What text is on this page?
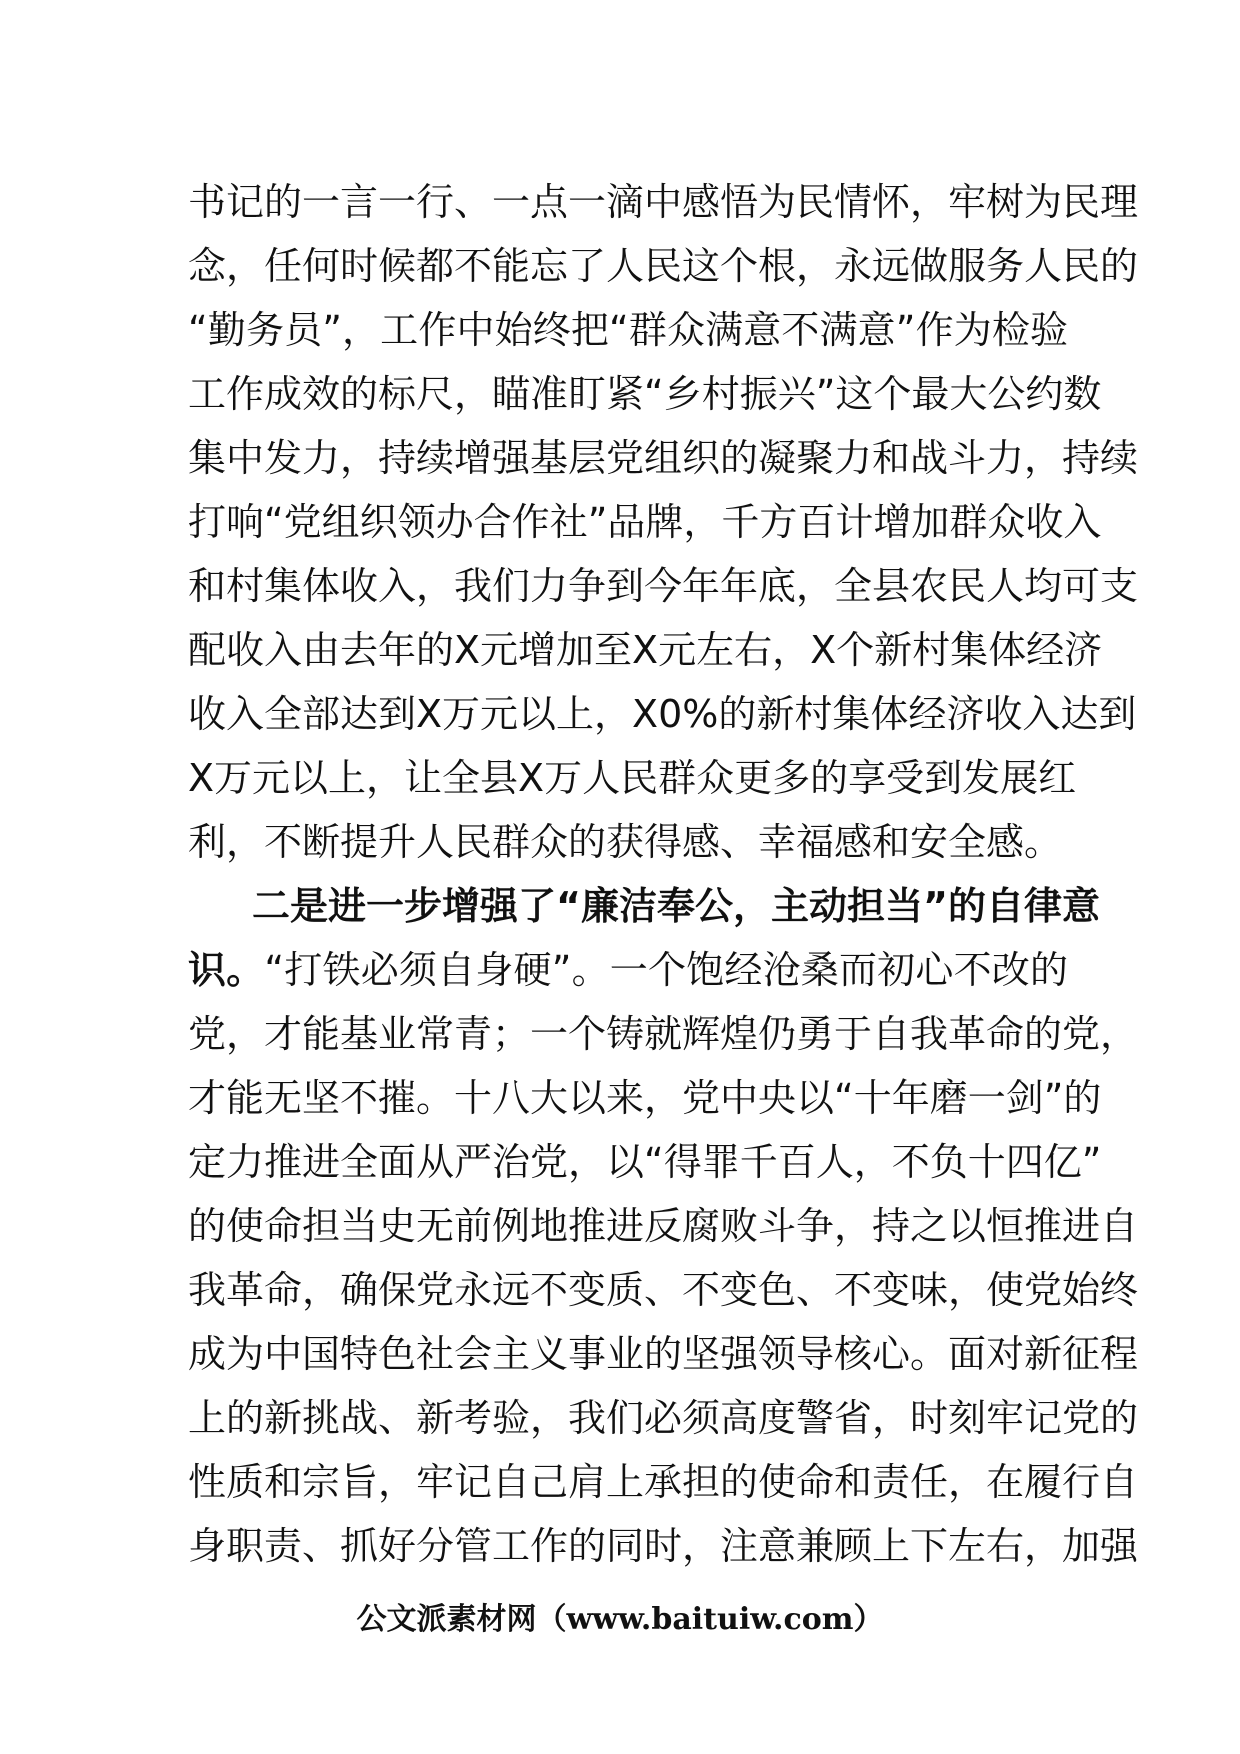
书记的一言一行、一点一滴中感悟为民情怀，牢树为民理
念，任何时候都不能忘了人民这个根，永远做服务人民的
“勤务员”，工作中始终把“群众满意不满意”作为检验
工作成效的标尺，瞄准盯紧“乡村振兴”这个最大公约数
集中发力，持续增强基层党组织的凝聚力和战斗力，持续
打响“党组织领办合作社”品牌，千方百计增加群众收入
和村集体收入，我们力争到今年年底，全县农民人均可支
配收入由去年的X元增加至X元左右，X个新村集体经济
收入全部达到X万元以上，X0%的新村集体经济收入达到
X万元以上，让全县X万人民群众更多的享受到发展红
利，不断提升人民群众的获得感、幸福感和安全感。
二是进一步增强了“廉洁奉公，主动担当”的自律意
识。“打铁必须自身硬”。一个饱经沧桑而初心不改的
党，才能基业常青；一个铸就辉煌仍勇于自我革命的党，
才能无坚不摧。十八大以来，党中央以“十年磨一剑”的
定力推进全面从严治党，以“得罪千百人，不负十四亿”
的使命担当史无前例地推进反腐败斗争，持之以恒推进自
我革命，确保党永远不变质、不变色、不变味，使党始终
成为中国特色社会主义事业的坚强领导核心。面对新征程
上的新挑战、新考验，我们必须高度警省，时刻牢记党的
性质和宗旨，牢记自己肩上承担的使命和责任，在履行自
身职责、抓好分管工作的同时，注意兼顾上下左右，加强
公文派素材网（www.baituiw.com）
